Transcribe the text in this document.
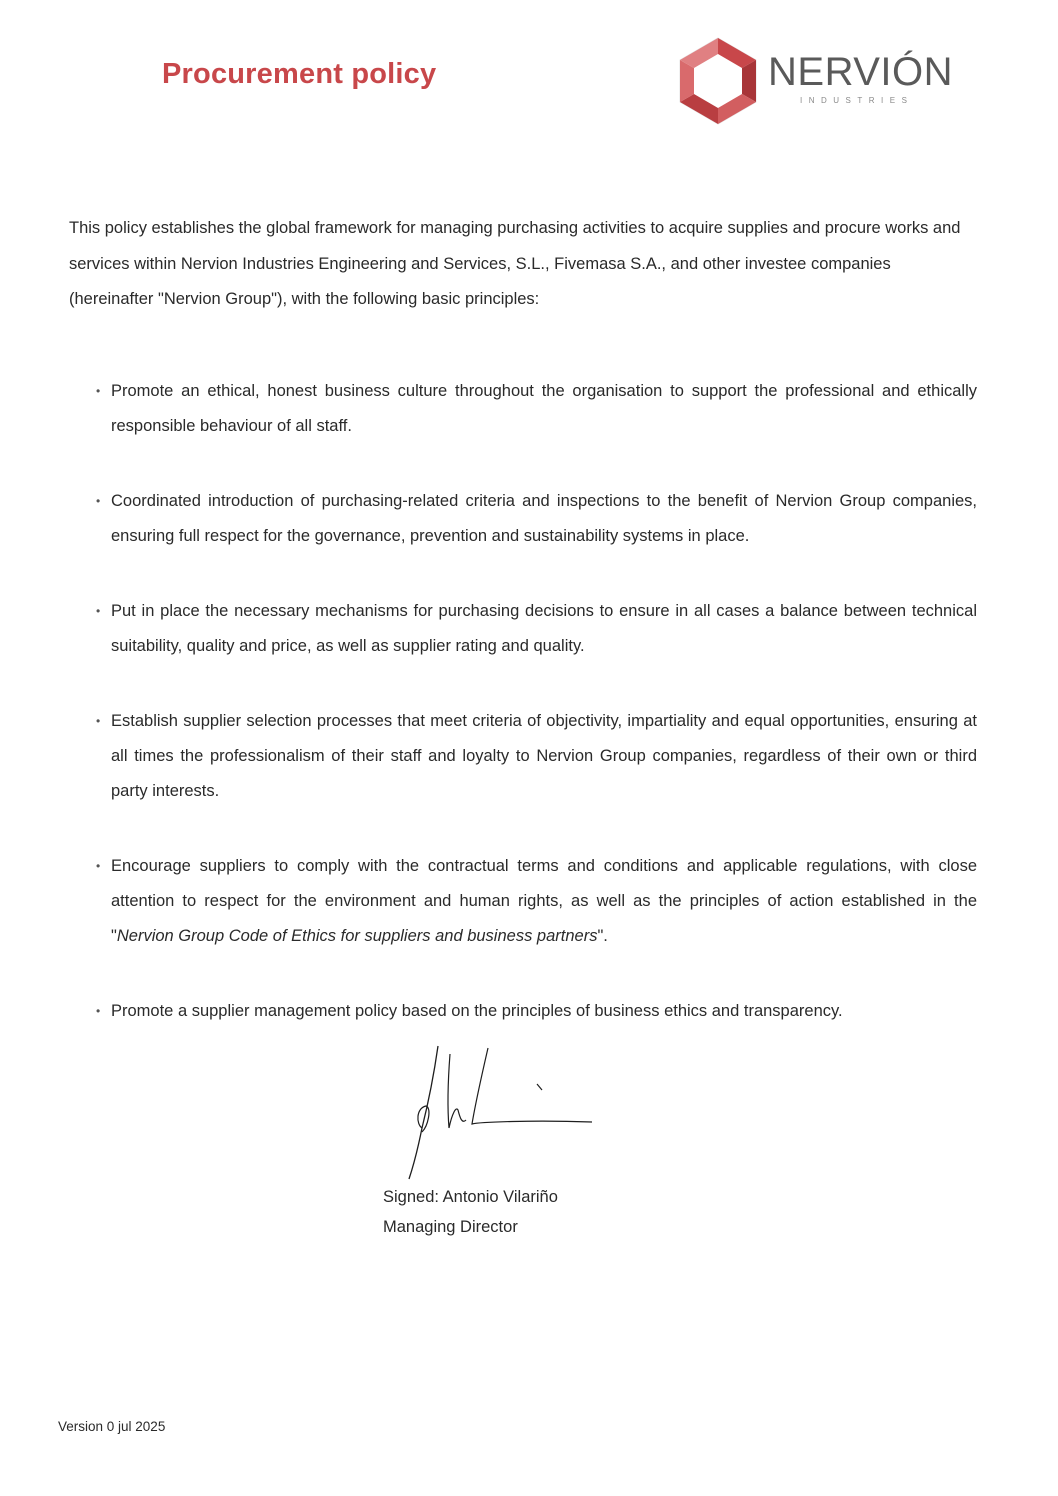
Procurement policy	NERVIÓN
INDUSTRIES

This policy establishes the global framework for managing purchasing activities to acquire supplies and procure works and services within Nervion Industries Engineering and Services, S.L., Fivemasa S.A., and other investee companies (hereinafter "Nervion Group"), with the following basic principles:

• Promote an ethical, honest business culture throughout the organisation to support the professional and ethically responsible behaviour of all staff.

• Coordinated introduction of purchasing-related criteria and inspections to the benefit of Nervion Group companies, ensuring full respect for the governance, prevention and sustainability systems in place.

• Put in place the necessary mechanisms for purchasing decisions to ensure in all cases a balance between technical suitability, quality and price, as well as supplier rating and quality.

• Establish supplier selection processes that meet criteria of objectivity, impartiality and equal opportunities, ensuring at all times the professionalism of their staff and loyalty to Nervion Group companies, regardless of their own or third party interests.

• Encourage suppliers to comply with the contractual terms and conditions and applicable regulations, with close attention to respect for the environment and human rights, as well as the principles of action established in the "Nervion Group Code of Ethics for suppliers and business partners".

• Promote a supplier management policy based on the principles of business ethics and transparency.

Signed: Antonio Vilariño
Managing Director
Version 0 jul 2025
